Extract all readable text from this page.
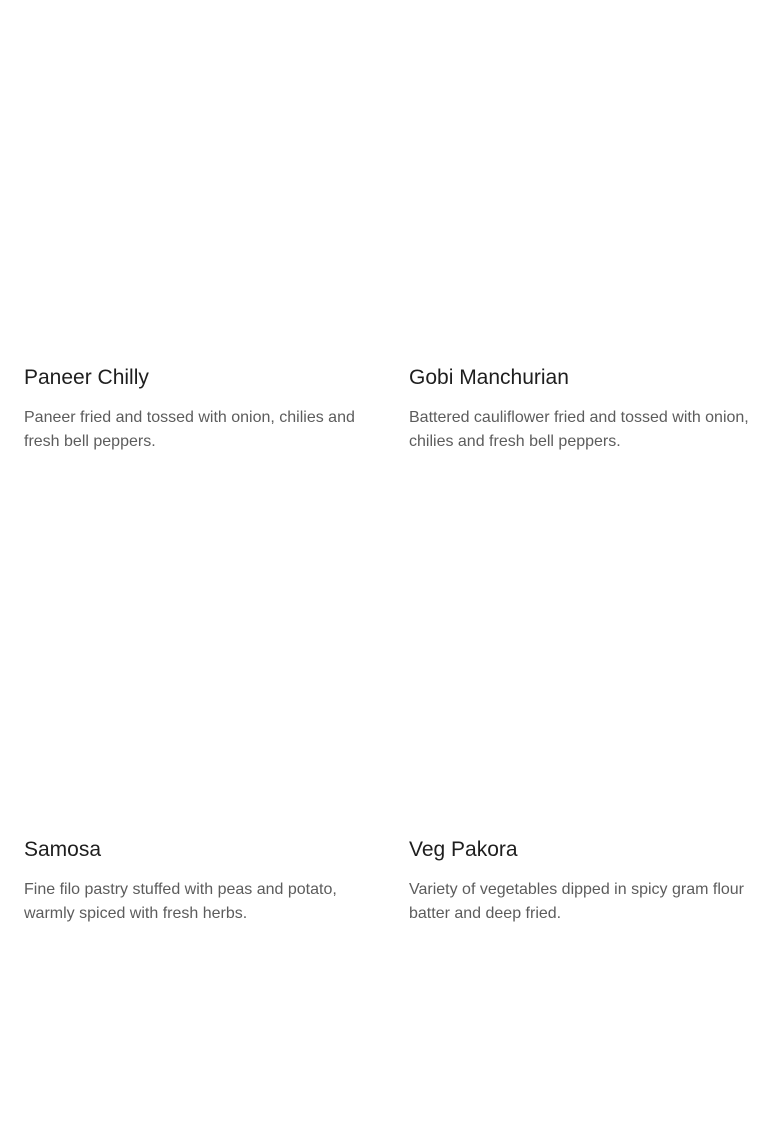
Paneer Chilly

Paneer fried and tossed with onion, chilies and fresh bell peppers.

Gobi Manchurian

Battered cauliflower fried and tossed with onion, chilies and fresh bell peppers.

Samosa

Fine filo pastry stuffed with peas and potato, warmly spiced with fresh herbs.

Veg Pakora

Variety of vegetables dipped in spicy gram flour batter and deep fried.
